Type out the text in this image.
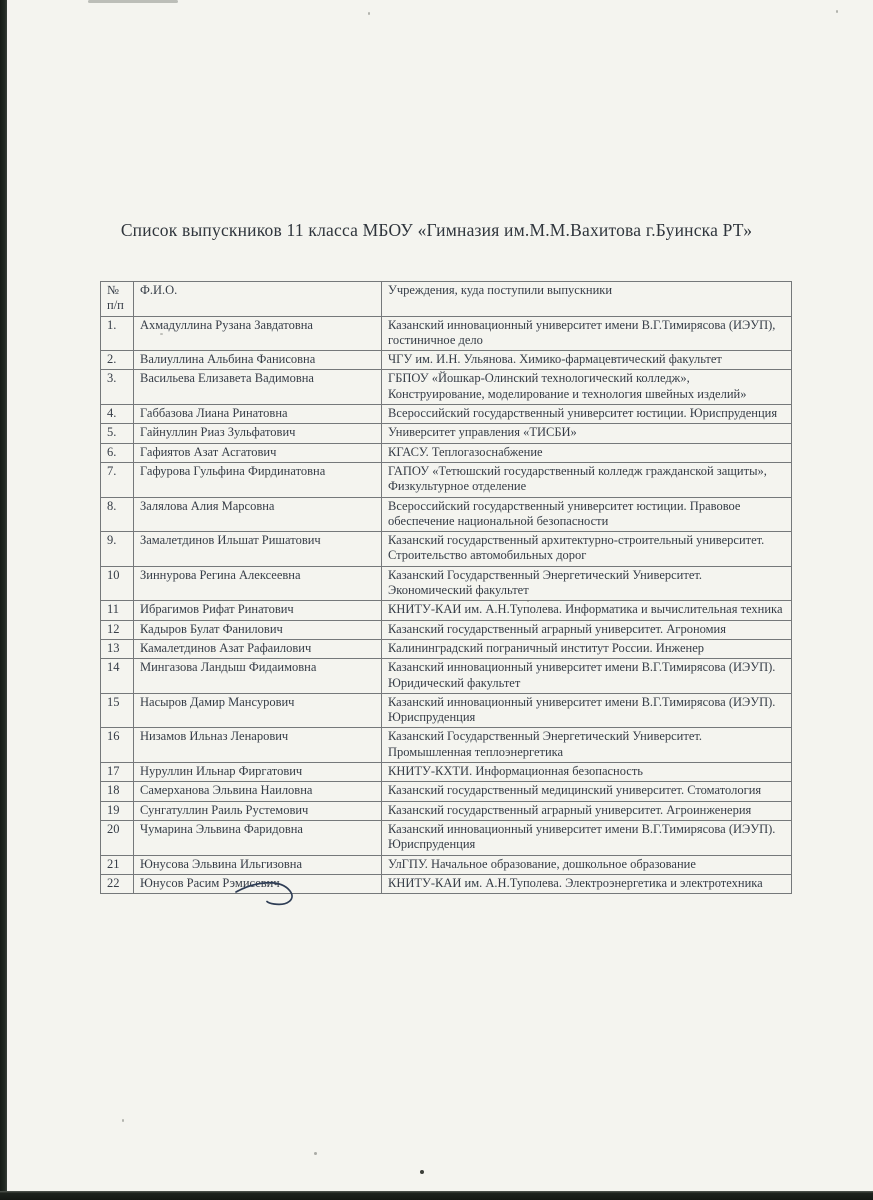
Список выпускников 11 класса МБОУ «Гимназия им.М.М.Вахитова г.Буинска РТ»
№
п/п	Ф.И.О.	Учреждения, куда поступили выпускники
1.	Ахмадуллина Рузана Завдатовна	Казанский инновационный университет имени В.Г.Тимирясова (ИЭУП), гостиничное дело
2.	Валиуллина Альбина Фанисовна	ЧГУ им. И.Н. Ульянова. Химико-фармацевтический факультет
3.	Васильева Елизавета Вадимовна	ГБПОУ «Йошкар-Олинский технологический колледж», Конструирование, моделирование и технология швейных изделий»
4.	Габбазова Лиана Ринатовна	Всероссийский государственный университет юстиции. Юриспруденция
5.	Гайнуллин Риаз Зульфатович	Университет управления «ТИСБИ»
6.	Гафиятов Азат Асгатович	КГАСУ. Теплогазоснабжение
7.	Гафурова Гульфина Фирдинатовна	ГАПОУ «Тетюшский государственный колледж гражданской защиты», Физкультурное отделение
8.	Залялова Алия Марсовна	Всероссийский государственный университет юстиции. Правовое обеспечение национальной безопасности
9.	Замалетдинов Ильшат Ришатович	Казанский государственный архитектурно-строительный университет. Строительство автомобильных дорог
10	Зиннурова Регина Алексеевна	Казанский Государственный Энергетический Университет. Экономический факультет
11	Ибрагимов Рифат Ринатович	КНИТУ-КАИ им. А.Н.Туполева. Информатика и вычислительная техника
12	Кадыров Булат Фанилович	Казанский государственный аграрный университет. Агрономия
13	Камалетдинов Азат Рафаилович	Калининградский пограничный институт России. Инженер
14	Мингазова Ландыш Фидаимовна	Казанский инновационный университет имени В.Г.Тимирясова (ИЭУП). Юридический факультет
15	Насыров Дамир Мансурович	Казанский инновационный университет имени В.Г.Тимирясова (ИЭУП). Юриспруденция
16	Низамов Ильназ Ленарович	Казанский Государственный Энергетический Университет. Промышленная теплоэнергетика
17	Нуруллин Ильнар Фиргатович	КНИТУ-КХТИ. Информационная безопасность
18	Самерханова Эльвина Наиловна	Казанский государственный медицинский университет. Стоматология
19	Сунгатуллин Раиль Рустемович	Казанский государственный аграрный университет. Агроинженерия
20	Чумарина Эльвина Фаридовна	Казанский инновационный университет имени В.Г.Тимирясова (ИЭУП). Юриспруденция
21	Юнусова Эльвина Ильгизовна	УлГПУ. Начальное образование, дошкольное образование
22	Юнусов Расим Рэмисевич	КНИТУ-КАИ им. А.Н.Туполева. Электроэнергетика и электротехника
